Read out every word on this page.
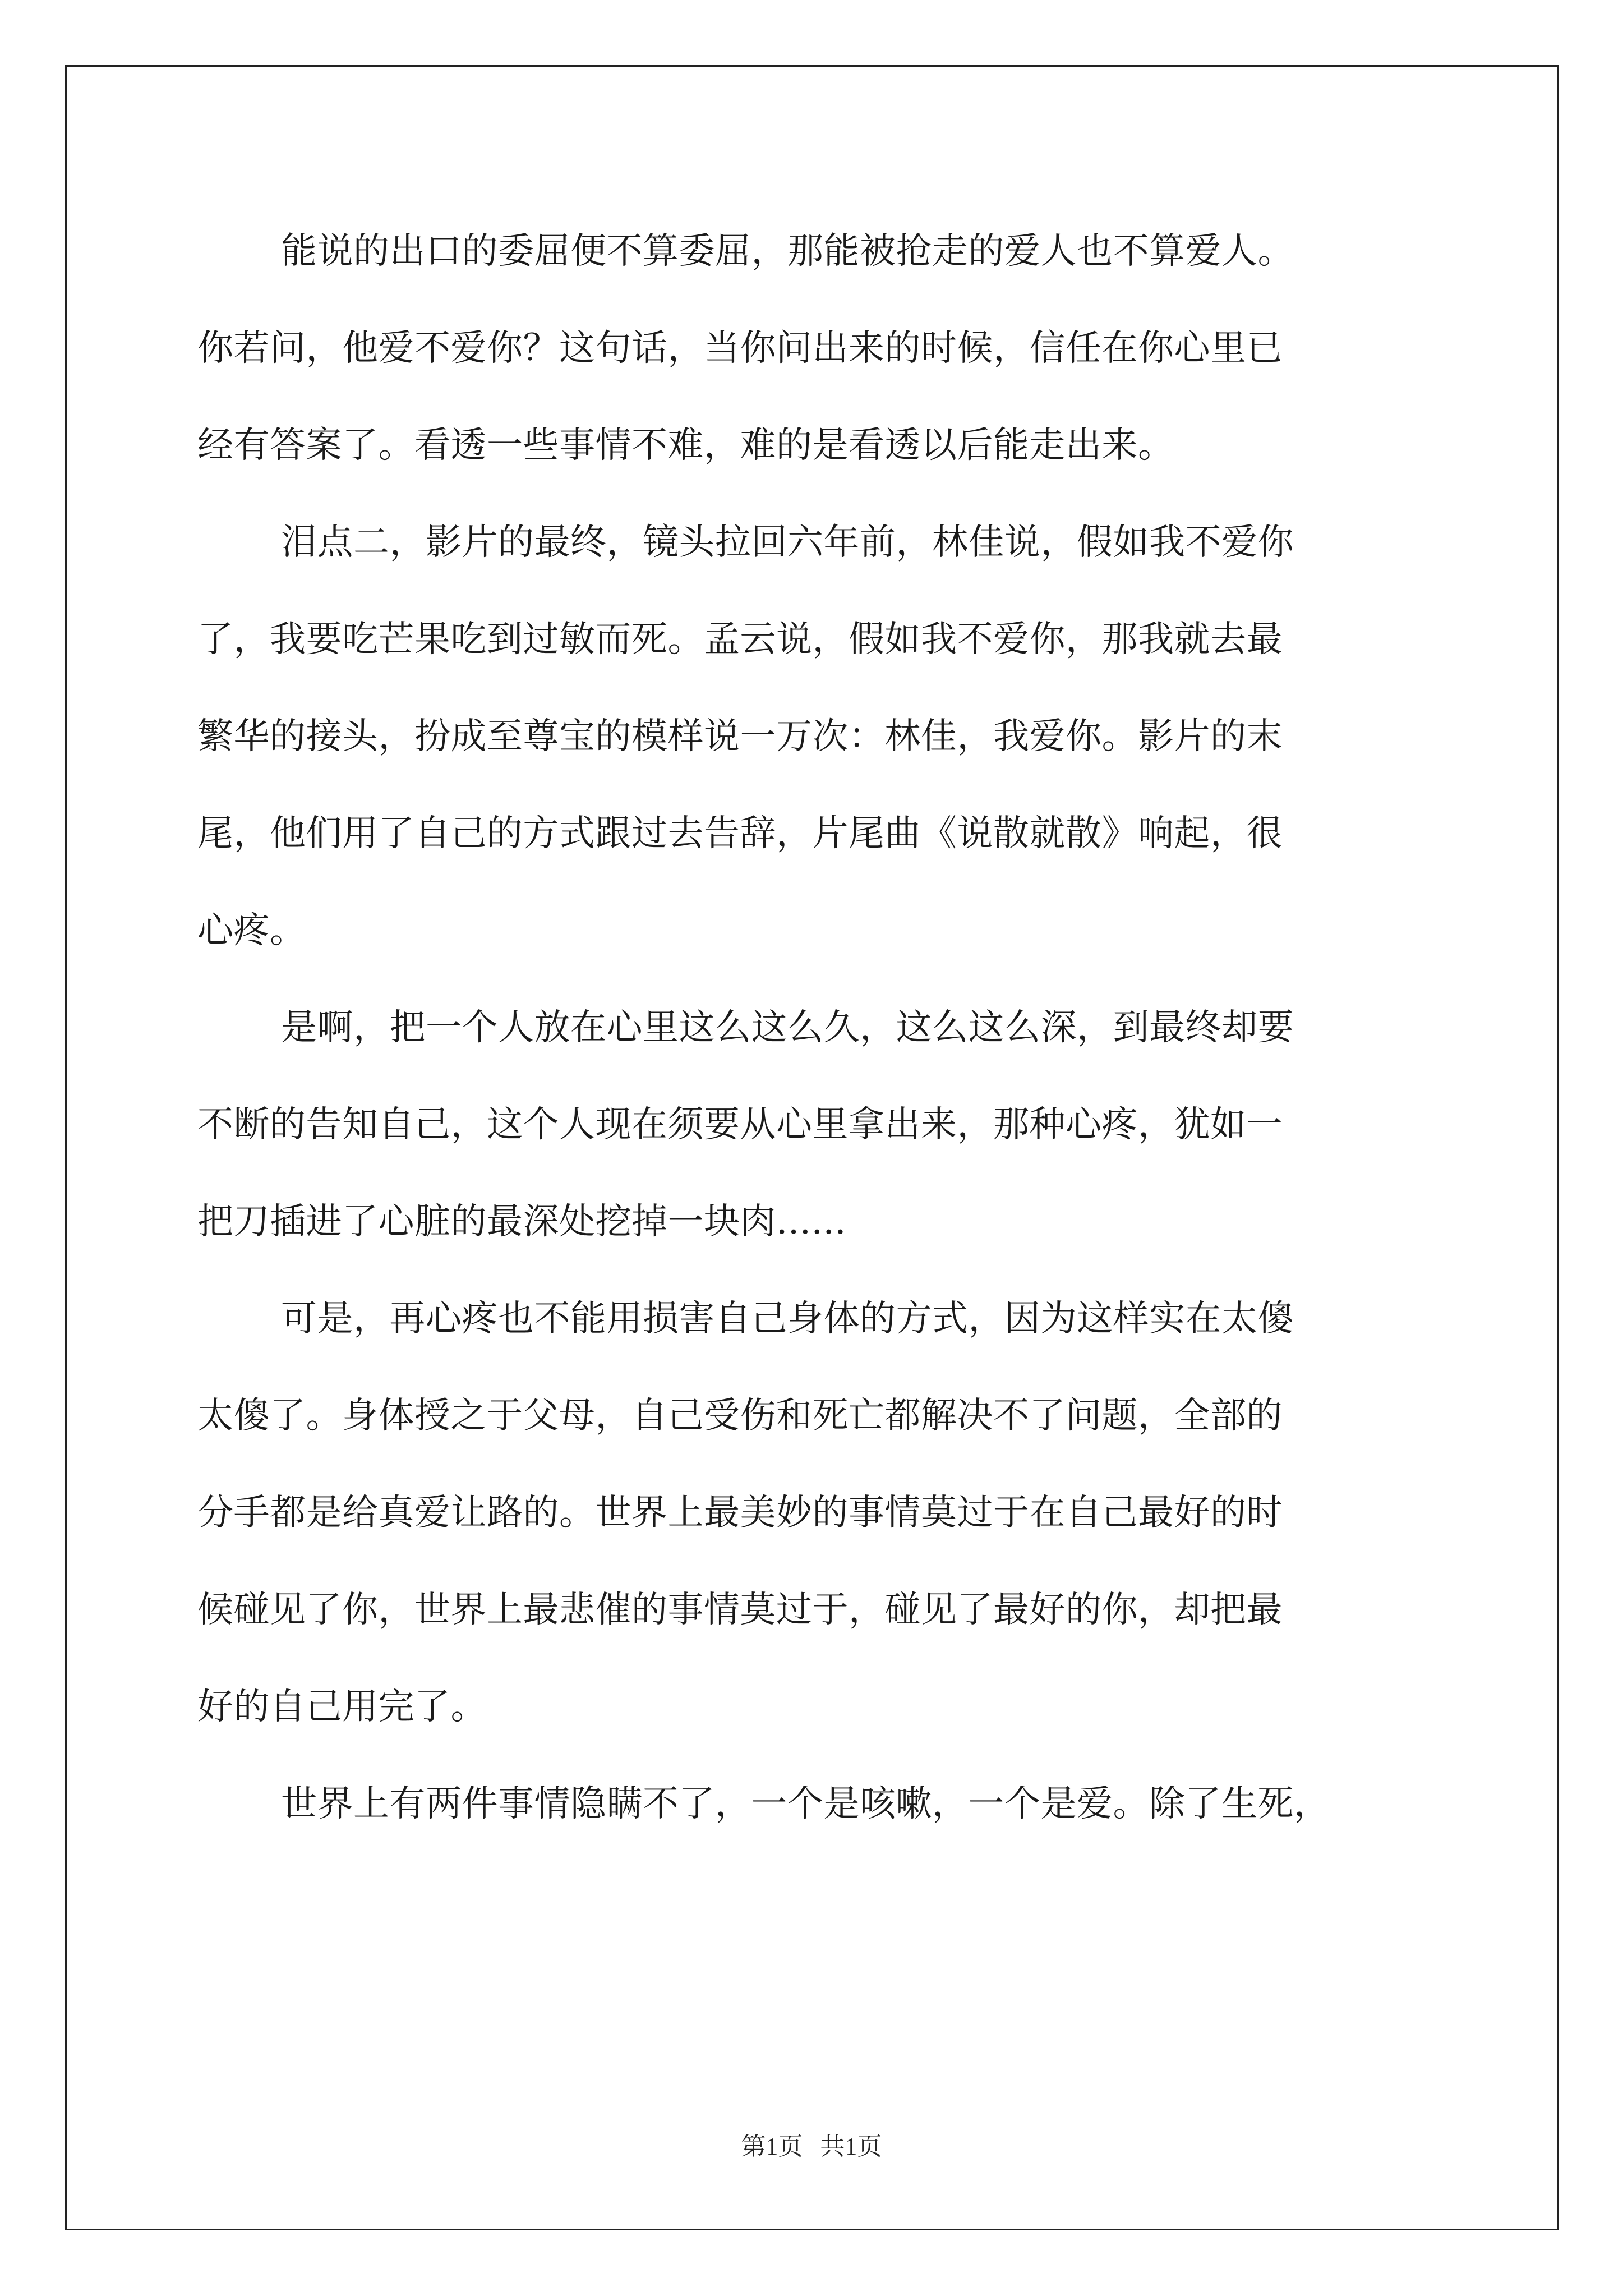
能说的出口的委屈便不算委屈，那能被抢走的爱人也不算爱人。
你若问，他爱不爱你？这句话，当你问出来的时候，信任在你心里已
经有答案了。看透一些事情不难，难的是看透以后能走出来。
泪点二，影片的最终，镜头拉回六年前，林佳说，假如我不爱你
了，我要吃芒果吃到过敏而死。孟云说，假如我不爱你，那我就去最
繁华的接头，扮成至尊宝的模样说一万次：林佳，我爱你。影片的末
尾，他们用了自己的方式跟过去告辞，片尾曲《说散就散》响起，很
心疼。
是啊，把一个人放在心里这么这么久，这么这么深，到最终却要
不断的告知自己，这个人现在须要从心里拿出来，那种心疼，犹如一
把刀插进了心脏的最深处挖掉一块肉......
可是，再心疼也不能用损害自己身体的方式，因为这样实在太傻
太傻了。身体授之于父母，自己受伤和死亡都解决不了问题，全部的
分手都是给真爱让路的。世界上最美妙的事情莫过于在自己最好的时
候碰见了你，世界上最悲催的事情莫过于，碰见了最好的你，却把最
好的自己用完了。
世界上有两件事情隐瞒不了，一个是咳嗽，一个是爱。除了生死，
第1页 共1页
